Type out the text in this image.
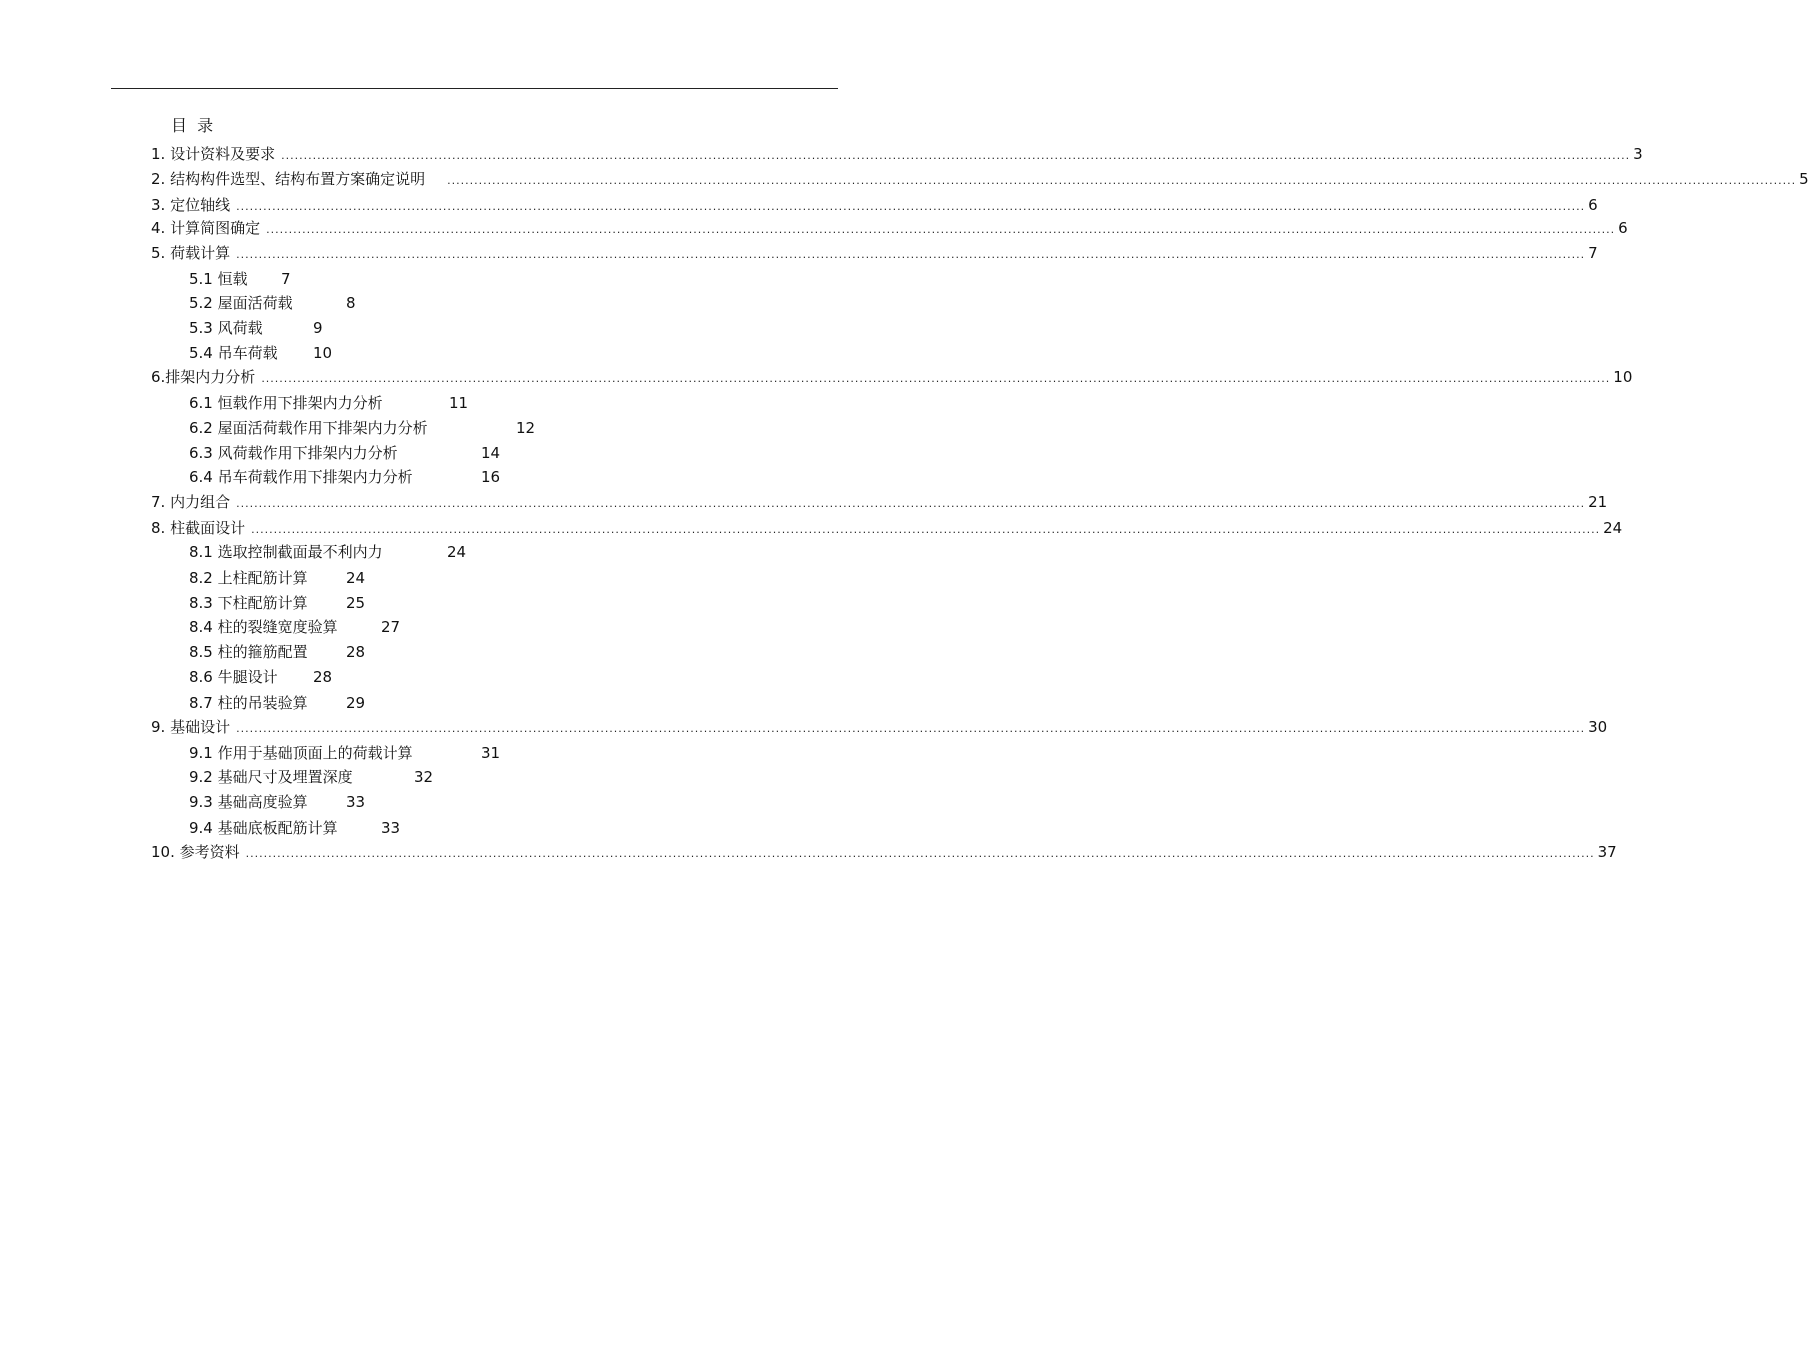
目  录
1. 设计资料及要求 ............................................................................................................................................................................................................................................................................................................ 3
2. 结构构件选型、结构布置方案确定说明	............................................................................................................................................................................................................................................................................................................ 5
3. 定位轴线 ............................................................................................................................................................................................................................................................................................................ 6
4. 计算简图确定 ............................................................................................................................................................................................................................................................................................................ 6
5. 荷载计算 ............................................................................................................................................................................................................................................................................................................ 7
5.1 恒载 7
5.2 屋面活荷载	8
5.3 风荷载	9
5.4 吊车荷载 10
6.排架内力分析 ............................................................................................................................................................................................................................................................................................................ 10
6.1 恒载作用下排架内力分析	11
6.2 屋面活荷载作用下排架内力分析	12
6.3 风荷载作用下排架内力分析	14
6.4 吊车荷载作用下排架内力分析	16
7. 内力组合 ............................................................................................................................................................................................................................................................................................................ 21
8. 柱截面设计 ............................................................................................................................................................................................................................................................................................................ 24
8.1 选取控制截面最不利内力	24
8.2 上柱配筋计算	24
8.3 下柱配筋计算	25
8.4 柱的裂缝宽度验算	27
8.5 柱的箍筋配置	28
8.6 牛腿设计 28
8.7 柱的吊装验算	29
9. 基础设计 ............................................................................................................................................................................................................................................................................................................ 30
9.1 作用于基础顶面上的荷载计算	31
9.2 基础尺寸及埋置深度	32
9.3 基础高度验算	33
9.4 基础底板配筋计算	33
10. 参考资料 ............................................................................................................................................................................................................................................................................................................ 37
